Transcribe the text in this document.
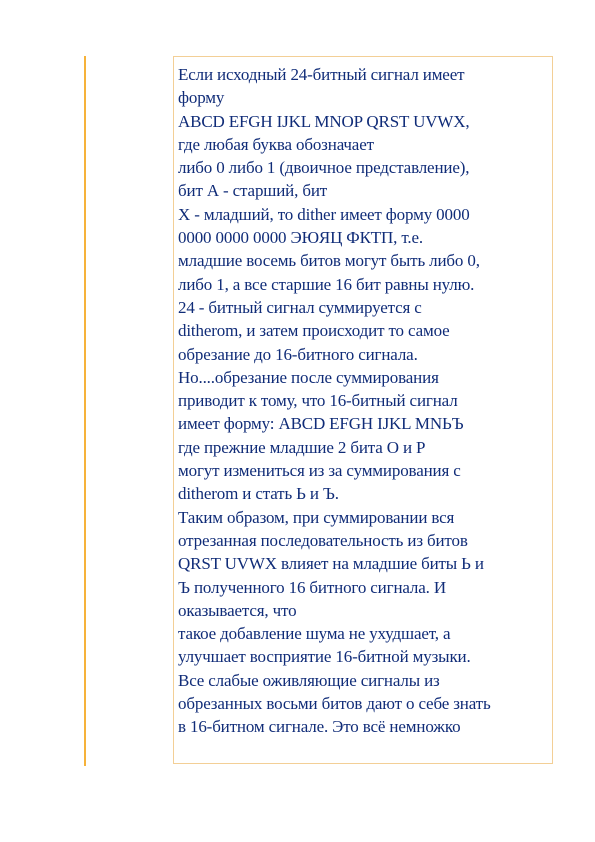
Если исходный 24-битный сигнал имеет
форму
ABCD EFGH IJKL MNOP QRST UVWX,
где любая буква обозначает
либо 0 либо 1 (двоичное представление),
бит А - старший, бит
Х - младший, то dither имеет форму 0000
0000 0000 0000 ЭЮЯЦ ФКТП, т.е.
младшие восемь битов могут быть либо 0,
либо 1, а все старшие 16 бит равны нулю.
24 - битный сигнал суммируется с
ditherom, и затем происходит то самое
обрезание до 16-битного сигнала.
Но....обрезание после суммирования
приводит к тому, что 16-битный сигнал
имеет форму: ABCD EFGH IJKL MNЬЪ
где прежние младшие 2 бита O и P
могут измениться из за суммирования с
ditherom и стать Ь и Ъ.
Таким образом, при суммировании вся
отрезанная последовательность из битов
QRST UVWX влияет на младшие биты Ь и
Ъ полученного 16 битного сигнала. И
оказывается, что
такое добавление шума не ухудшает, а
улучшает восприятие 16-битной музыки.
Все слабые оживляющие сигналы из
обрезанных восьми битов дают о себе знать
в 16-битном сигнале. Это всё немножко
